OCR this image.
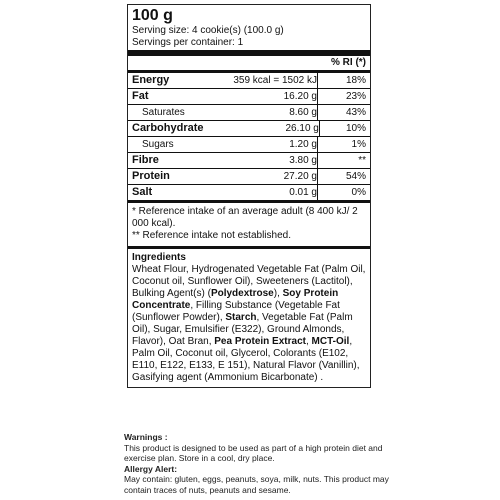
100 g
Serving size: 4 cookie(s) (100.0 g)
Servings per container: 1
% RI (*)
Energy	359 kcal = 1502 kJ	18%
Fat	16.20 g	23%
Saturates	8.60 g	43%
Carbohydrate	26.10 g	10%
Sugars	1.20 g	1%
Fibre	3.80 g	**
Protein	27.20 g	54%
Salt	0.01 g	0%
* Reference intake of an average adult (8 400 kJ/ 2 000 kcal).
** Reference intake not established.
Ingredients
Wheat Flour, Hydrogenated Vegetable Fat (Palm Oil, Coconut oil, Sunflower Oil), Sweeteners (Lactitol), Bulking Agent(s) (Polydextrose), Soy Protein Concentrate, Filling Substance (Vegetable Fat (Sunflower Powder), Starch, Vegetable Fat (Palm Oil), Sugar, Emulsifier (E322), Ground Almonds, Flavor), Oat Bran, Pea Protein Extract, MCT-Oil, Palm Oil, Coconut oil, Glycerol, Colorants (E102, E110, E122, E133, E 151), Natural Flavor (Vanillin), Gasifying agent (Ammonium Bicarbonate) .
Warnings :
This product is designed to be used as part of a high protein diet and exercise plan. Store in a cool, dry place.
Allergy Alert:
May contain: gluten, eggs, peanuts, soya, milk, nuts. This product may contain traces of nuts, peanuts and sesame.
